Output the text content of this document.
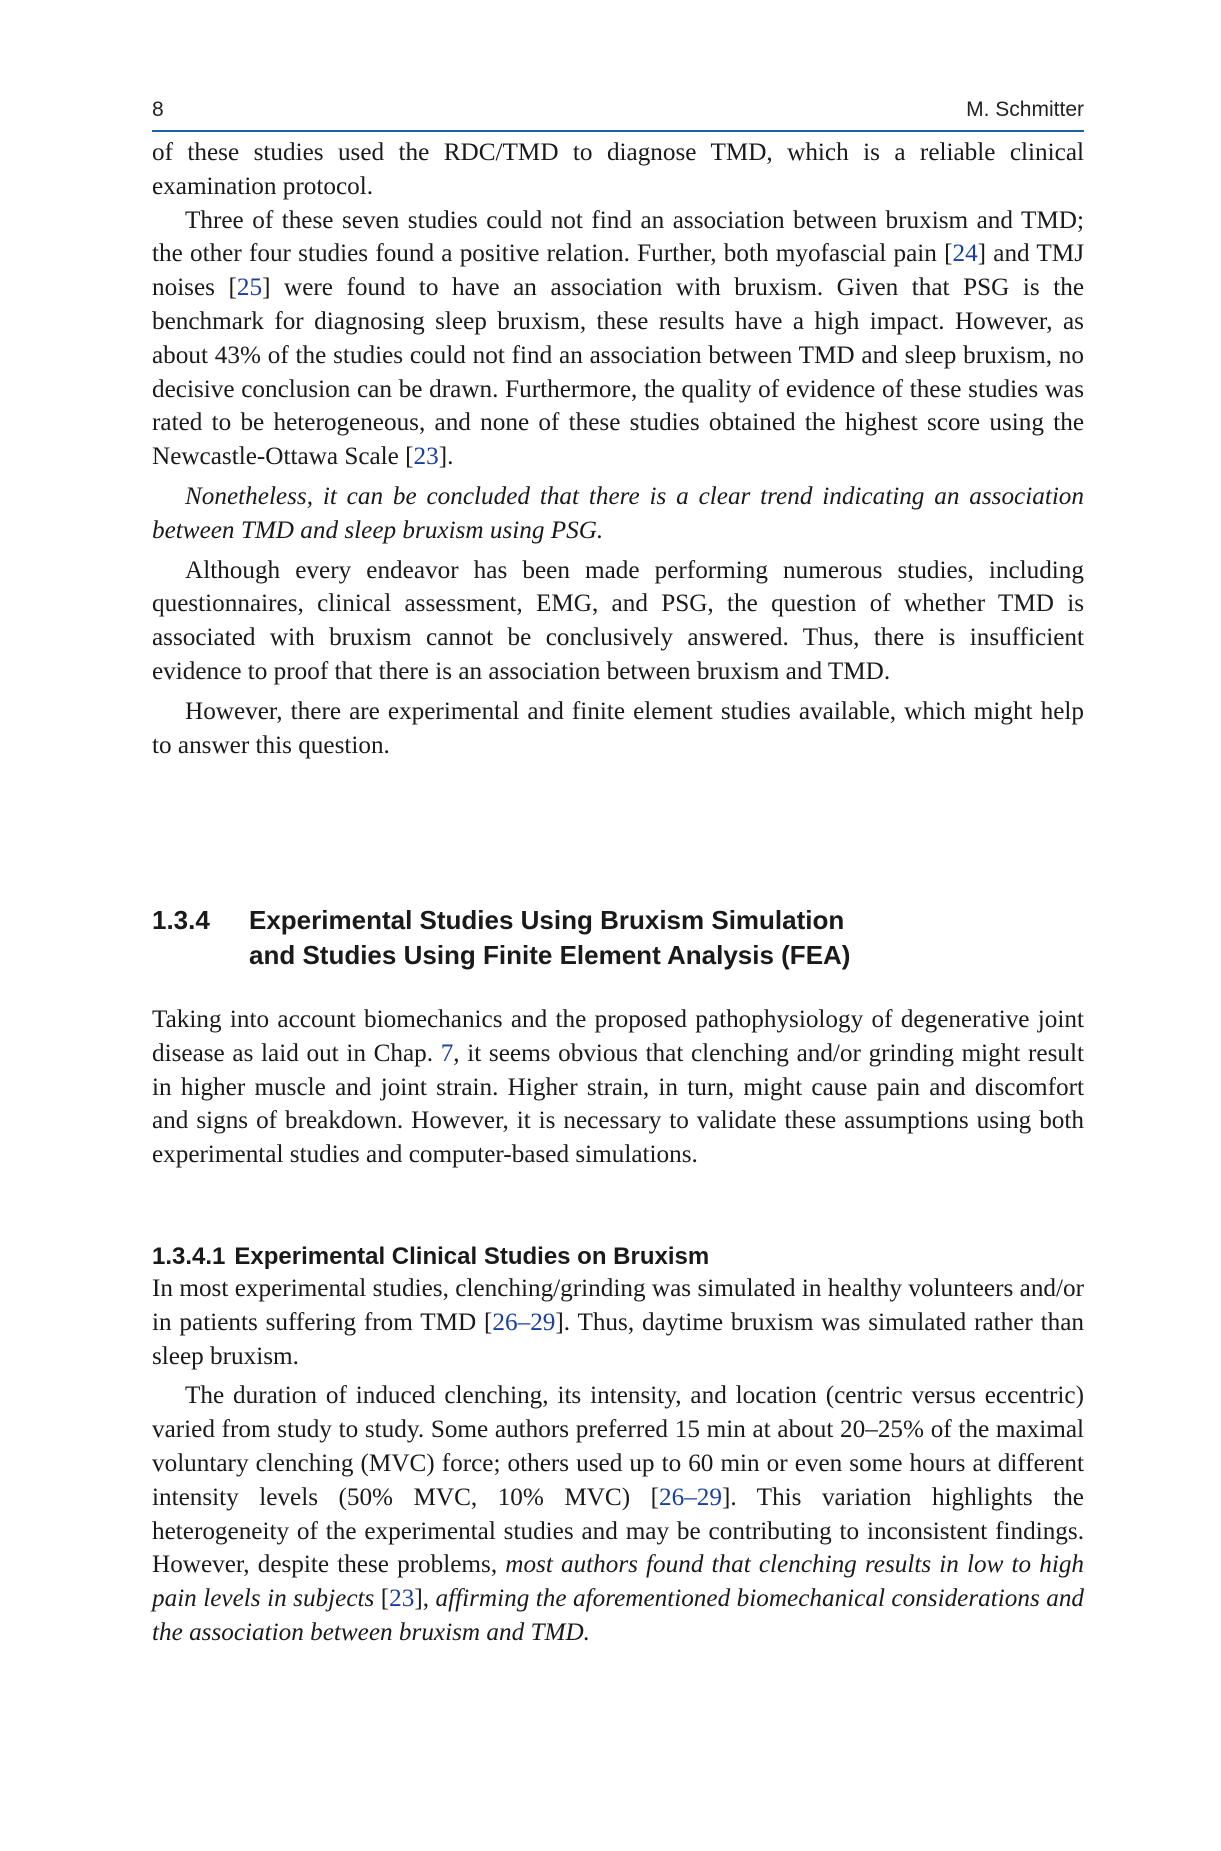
8	M. Schmitter

of these studies used the RDC/TMD to diagnose TMD, which is a reliable clinical examination protocol.

Three of these seven studies could not find an association between bruxism and TMD; the other four studies found a positive relation. Further, both myofascial pain [24] and TMJ noises [25] were found to have an association with bruxism. Given that PSG is the benchmark for diagnosing sleep bruxism, these results have a high impact. However, as about 43% of the studies could not find an association between TMD and sleep bruxism, no decisive conclusion can be drawn. Furthermore, the quality of evidence of these studies was rated to be heterogeneous, and none of these studies obtained the highest score using the Newcastle-Ottawa Scale [23].

Nonetheless, it can be concluded that there is a clear trend indicating an association between TMD and sleep bruxism using PSG.

Although every endeavor has been made performing numerous studies, including questionnaires, clinical assessment, EMG, and PSG, the question of whether TMD is associated with bruxism cannot be conclusively answered. Thus, there is insufficient evidence to proof that there is an association between bruxism and TMD.

However, there are experimental and finite element studies available, which might help to answer this question.

1.3.4 Experimental Studies Using Bruxism Simulation
and Studies Using Finite Element Analysis (FEA)

Taking into account biomechanics and the proposed pathophysiology of degenerative joint disease as laid out in Chap. 7, it seems obvious that clenching and/or grinding might result in higher muscle and joint strain. Higher strain, in turn, might cause pain and discomfort and signs of breakdown. However, it is necessary to validate these assumptions using both experimental studies and computer-based simulations.

1.3.4.1 Experimental Clinical Studies on Bruxism

In most experimental studies, clenching/grinding was simulated in healthy volunteers and/or in patients suffering from TMD [26–29]. Thus, daytime bruxism was simulated rather than sleep bruxism.

The duration of induced clenching, its intensity, and location (centric versus eccentric) varied from study to study. Some authors preferred 15 min at about 20–25% of the maximal voluntary clenching (MVC) force; others used up to 60 min or even some hours at different intensity levels (50% MVC, 10% MVC) [26–29]. This variation highlights the heterogeneity of the experimental studies and may be contributing to inconsistent findings. However, despite these problems, most authors found that clenching results in low to high pain levels in subjects [23], affirming the aforementioned biomechanical considerations and the association between bruxism and TMD.
